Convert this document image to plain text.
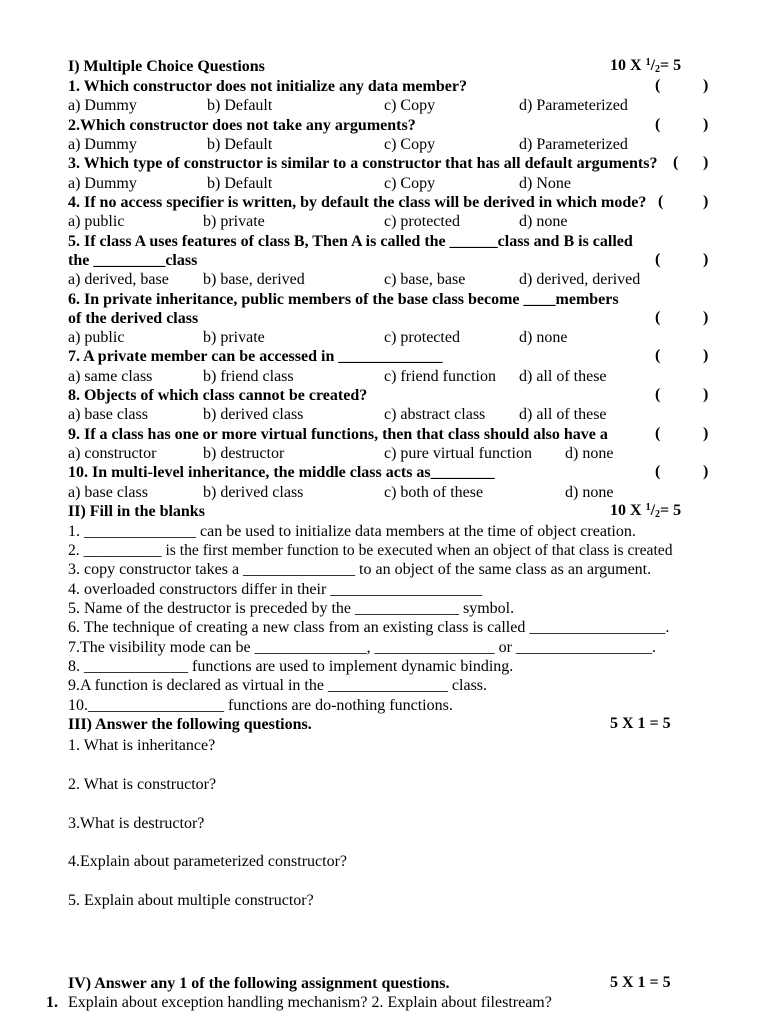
I) Multiple Choice Questions	10 X $^1/_2= 5$
1. Which constructor does not initialize any data member?	(	)
a) Dummy	b) Default	c) Copy	d) Parameterized
2.Which constructor does not take any arguments?	(	)
a) Dummy	b) Default	c) Copy	d) Parameterized
3. Which type of constructor is similar to a constructor that has all default arguments? ( )
a) Dummy	b) Default	c) Copy	d) None
4. If no access specifier is written, by default the class will be derived in which mode? ( )
a) public	b) private	c) protected	d) none
5. If class A uses features of class B, Then A is called the ______class and B is called
the _________class	(	)
a) derived, base b) base, derived	c) base, base	d) derived, derived
6. In private inheritance, public members of the base class become ____members
of the derived class	(	)
a) public	b) private	c) protected	d) none
7. A private member can be accessed in _____________	(	)
a) same class	b) friend class	c) friend function d) all of these
8. Objects of which class cannot be created?	(	)
a) base class	b) derived class	c) abstract class d) all of these
9. If a class has one or more virtual functions, then that class should also have a	(	)
a) constructor	b) destructor	c) pure virtual function d) none
10. In multi-level inheritance, the middle class acts as________	(	)
a) base class	b) derived class	c) both of these	d) none
II) Fill in the blanks	10 X $^1/_2= 5$
1. ______________ can be used to initialize data members at the time of object creation.
2. __________ is the first member function to be executed when an object of that class is created
3. copy constructor takes a ______________ to an object of the same class as an argument.
4. overloaded constructors differ in their ___________________
5. Name of the destructor is preceded by the _____________ symbol.
6. The technique of creating a new class from an existing class is called _________________.
7.The visibility mode can be ______________, _______________ or _________________.
8. _____________ functions are used to implement dynamic binding.
9.A function is declared as virtual in the _______________ class.
10._________________ functions are do-nothing functions.
III) Answer the following questions.	5 X 1 = 5
1. What is inheritance?
2. What is constructor?
3.What is destructor?
4.Explain about parameterized constructor?
5. Explain about multiple constructor?
IV) Answer any 1 of the following assignment questions.	5 X 1 = 5
1. Explain about exception handling mechanism? 2. Explain about filestream?
